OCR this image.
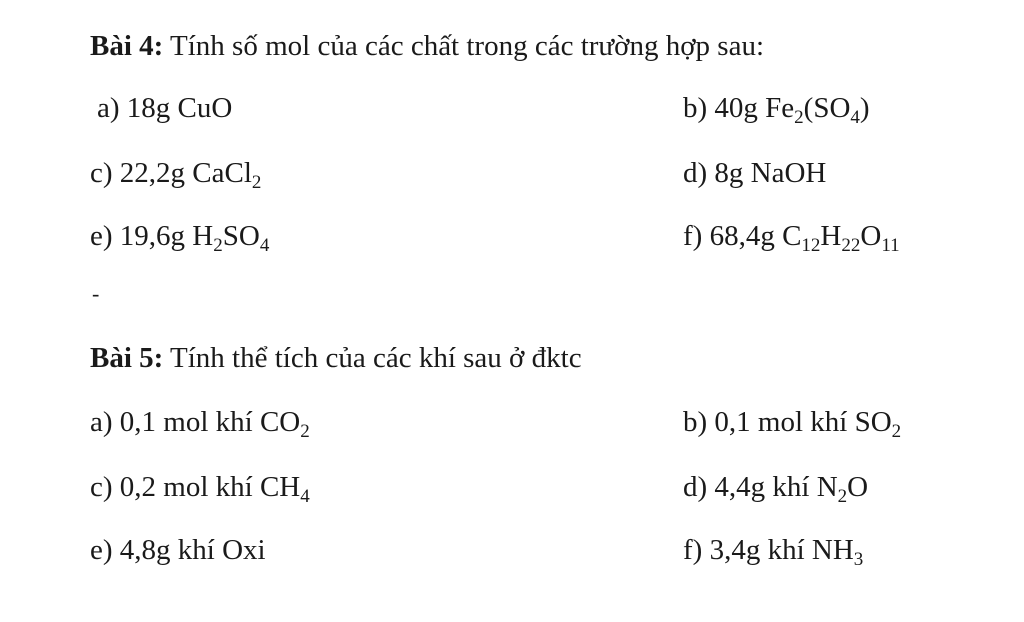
Bài 4: Tính số mol của các chất trong các trường hợp sau:
a) 18g CuO	b) 40g $Fe_2(SO_4)$
c) 22,2g CaCl$_2$	d) 8g NaOH
e) 19,6g $H_2SO_4$	f) 68,4g $C_{12}H_{22}O_{11}$
-
Bài 5: Tính thể tích của các khí sau ở đktc
a) 0,1 mol khí $CO_2$	b) 0,1 mol khí $SO_2$
c) 0,2 mol khí $CH_4$	d) 4,4g khí $N_2O$
e) 4,8g khí Oxi	f) 3,4g khí $NH_3$
